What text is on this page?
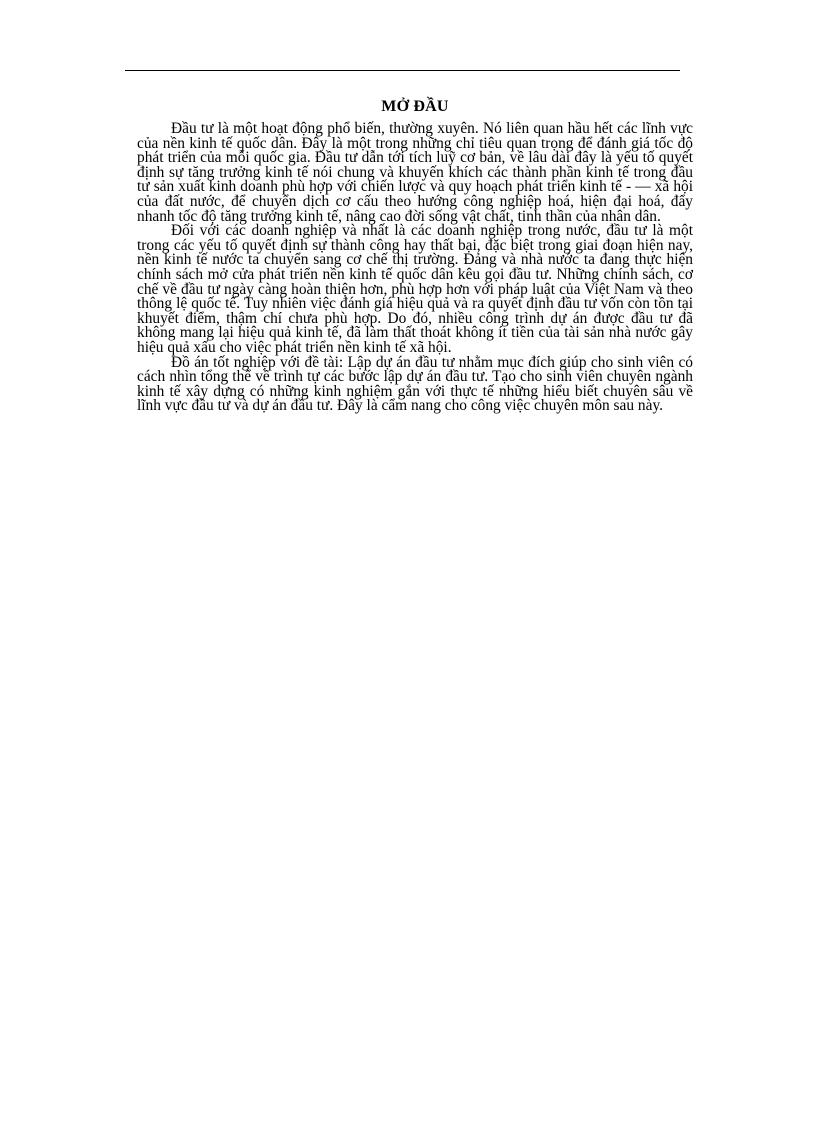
MỞ ĐẦU

Đầu tư là một hoạt động phổ biến, thường xuyên. Nó liên quan hầu hết các lĩnh vực của nền kinh tế quốc dân. Đây là một trong những chỉ tiêu quan trọng để đánh giá tốc độ phát triển của mỗi quốc gia. Đầu tư dẫn tới tích luỹ cơ bản, về lâu dài đây là yếu tố quyết định sự tăng trưởng kinh tế nói chung và khuyến khích các thành phần kinh tế trong đầu tư sản xuất kinh doanh phù hợp với chiến lược và quy hoạch phát triển kinh tế - — xã hội của đất nước, để chuyển dịch cơ cấu theo hướng công nghiệp hoá, hiện đại hoá, đẩy nhanh tốc độ tăng trưởng kinh tế, nâng cao đời sống vật chất, tinh thần của nhân dân.

Đối với các doanh nghiệp và nhất là các doanh nghiệp trong nước, đầu tư là một trong các yếu tố quyết định sự thành công hay thất bại, đặc biệt trong giai đoạn hiện nay, nền kinh tế nước ta chuyển sang cơ chế thị trường. Đảng và nhà nước ta đang thực hiện chính sách mở cửa phát triển nền kinh tế quốc dân kêu gọi đầu tư. Những chính sách, cơ chế về đầu tư ngày càng hoàn thiện hơn, phù hợp hơn với pháp luật của Việt Nam và theo thông lệ quốc tế. Tuy nhiên việc đánh giá hiệu quả và ra quyết định đầu tư vốn còn tồn tại khuyết điểm, thậm chí chưa phù hợp. Do đó, nhiều công trình dự án được đầu tư đã không mang lại hiệu quả kinh tế, đã làm thất thoát không ít tiền của tài sản nhà nước gây hiệu quả xấu cho việc phát triển nền kinh tế xã hội.

Đồ án tốt nghiệp với đề tài: Lập dự án đầu tư nhằm mục đích giúp cho sinh viên có cách nhìn tổng thể về trình tự các bước lập dự án đầu tư. Tạo cho sinh viên chuyên ngành kinh tế xây dựng có những kinh nghiệm gắn với thực tế những hiểu biết chuyên sâu về lĩnh vực đầu tư và dự án đầu tư. Đây là cẩm nang cho công việc chuyên môn sau này.
